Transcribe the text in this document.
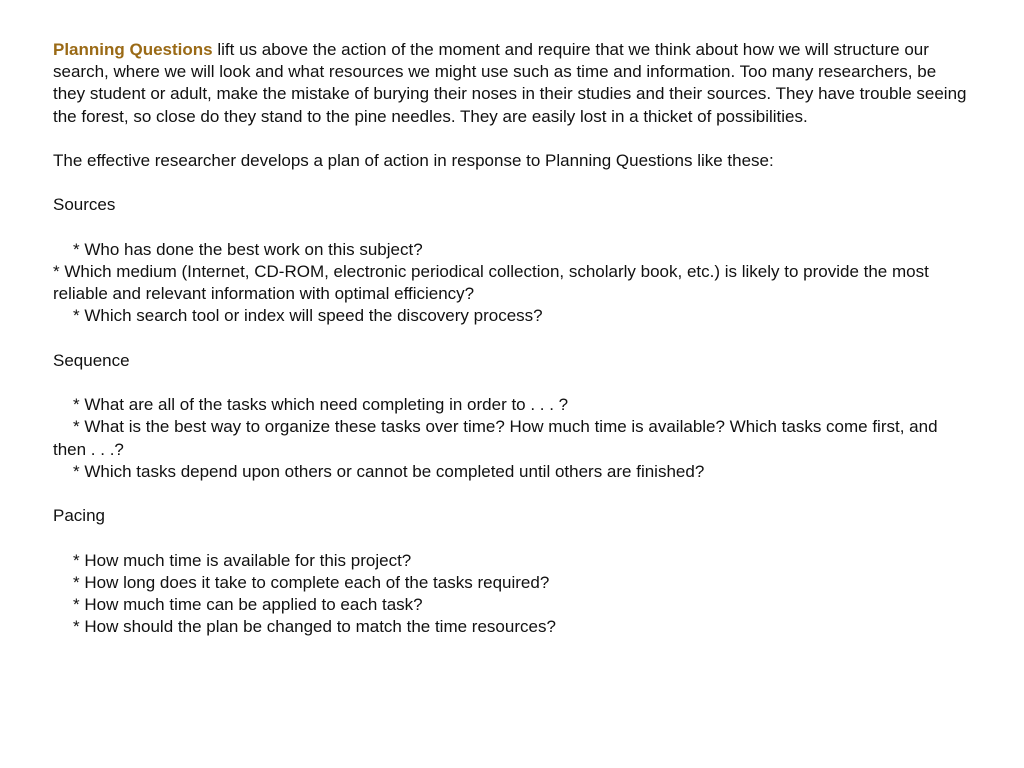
Planning Questions lift us above the action of the moment and require that we think about how we will structure our search, where we will look and what resources we might use such as time and information. Too many researchers, be they student or adult, make the mistake of burying their noses in their studies and their sources. They have trouble seeing the forest, so close do they stand to the pine needles. They are easily lost in a thicket of possibilities.

The effective researcher develops a plan of action in response to Planning Questions like these:

Sources

* Who has done the best work on this subject?
* Which medium (Internet, CD-ROM, electronic periodical collection, scholarly book, etc.) is likely to provide the most reliable and relevant information with optimal efficiency?
* Which search tool or index will speed the discovery process?

Sequence

* What are all of the tasks which need completing in order to . . . ?
* What is the best way to organize these tasks over time? How much time is available? Which tasks come first, and then . . .?
* Which tasks depend upon others or cannot be completed until others are finished?

Pacing

* How much time is available for this project?
* How long does it take to complete each of the tasks required?
* How much time can be applied to each task?
* How should the plan be changed to match the time resources?
